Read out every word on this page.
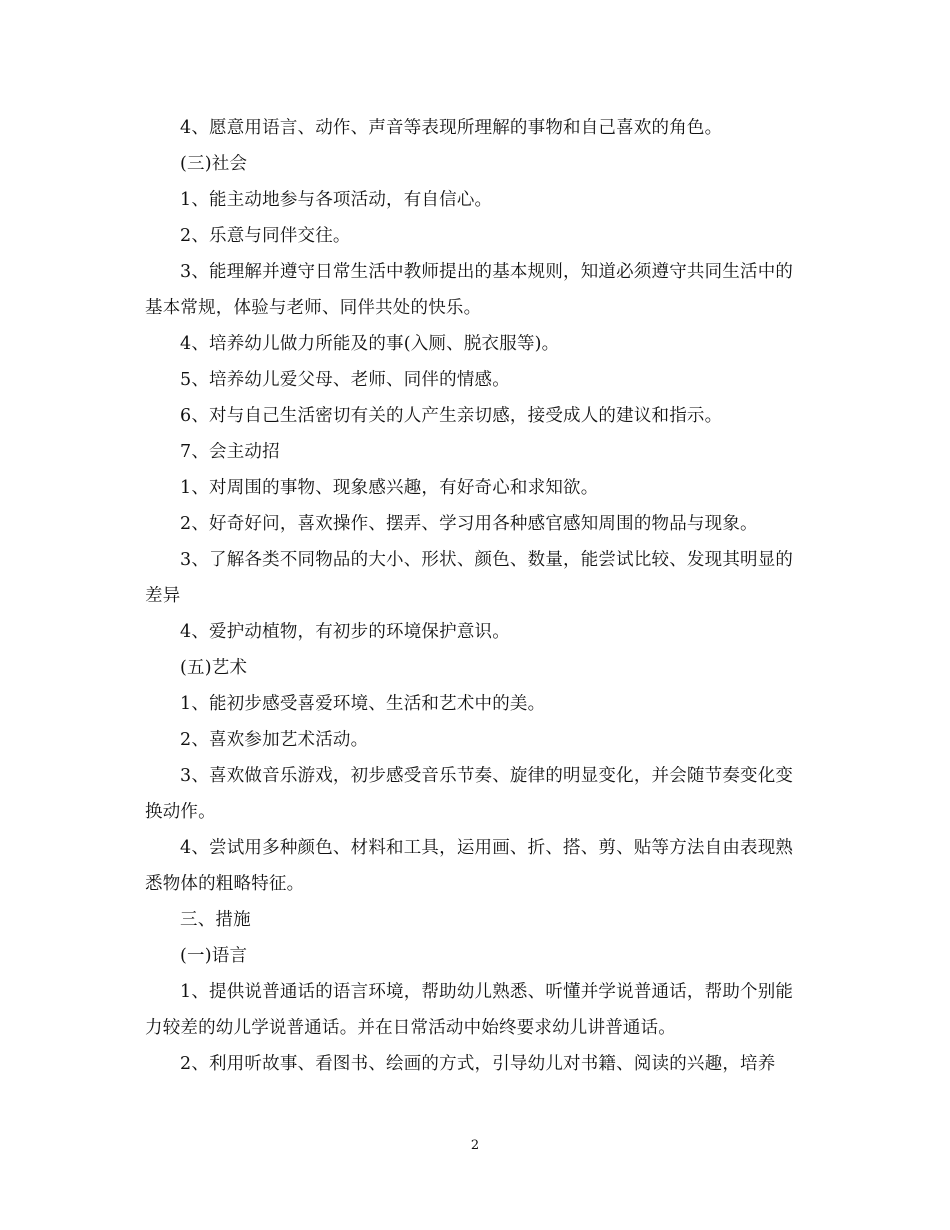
4、愿意用语言、动作、声音等表现所理解的事物和自己喜欢的角色。

(三)社会

1、能主动地参与各项活动，有自信心。

2、乐意与同伴交往。

3、能理解并遵守日常生活中教师提出的基本规则，知道必须遵守共同生活中的基本常规，体验与老师、同伴共处的快乐。

4、培养幼儿做力所能及的事(入厕、脱衣服等)。

5、培养幼儿爱父母、老师、同伴的情感。

6、对与自己生活密切有关的人产生亲切感，接受成人的建议和指示。

7、会主动招

1、对周围的事物、现象感兴趣，有好奇心和求知欲。

2、好奇好问，喜欢操作、摆弄、学习用各种感官感知周围的物品与现象。

3、了解各类不同物品的大小、形状、颜色、数量，能尝试比较、发现其明显的差异

4、爱护动植物，有初步的环境保护意识。

(五)艺术

1、能初步感受喜爱环境、生活和艺术中的美。

2、喜欢参加艺术活动。

3、喜欢做音乐游戏，初步感受音乐节奏、旋律的明显变化，并会随节奏变化变换动作。

4、尝试用多种颜色、材料和工具，运用画、折、搭、剪、贴等方法自由表现熟悉物体的粗略特征。

三、措施

(一)语言

1、提供说普通话的语言环境，帮助幼儿熟悉、听懂并学说普通话，帮助个别能力较差的幼儿学说普通话。并在日常活动中始终要求幼儿讲普通话。

2、利用听故事、看图书、绘画的方式，引导幼儿对书籍、阅读的兴趣，培养

2
